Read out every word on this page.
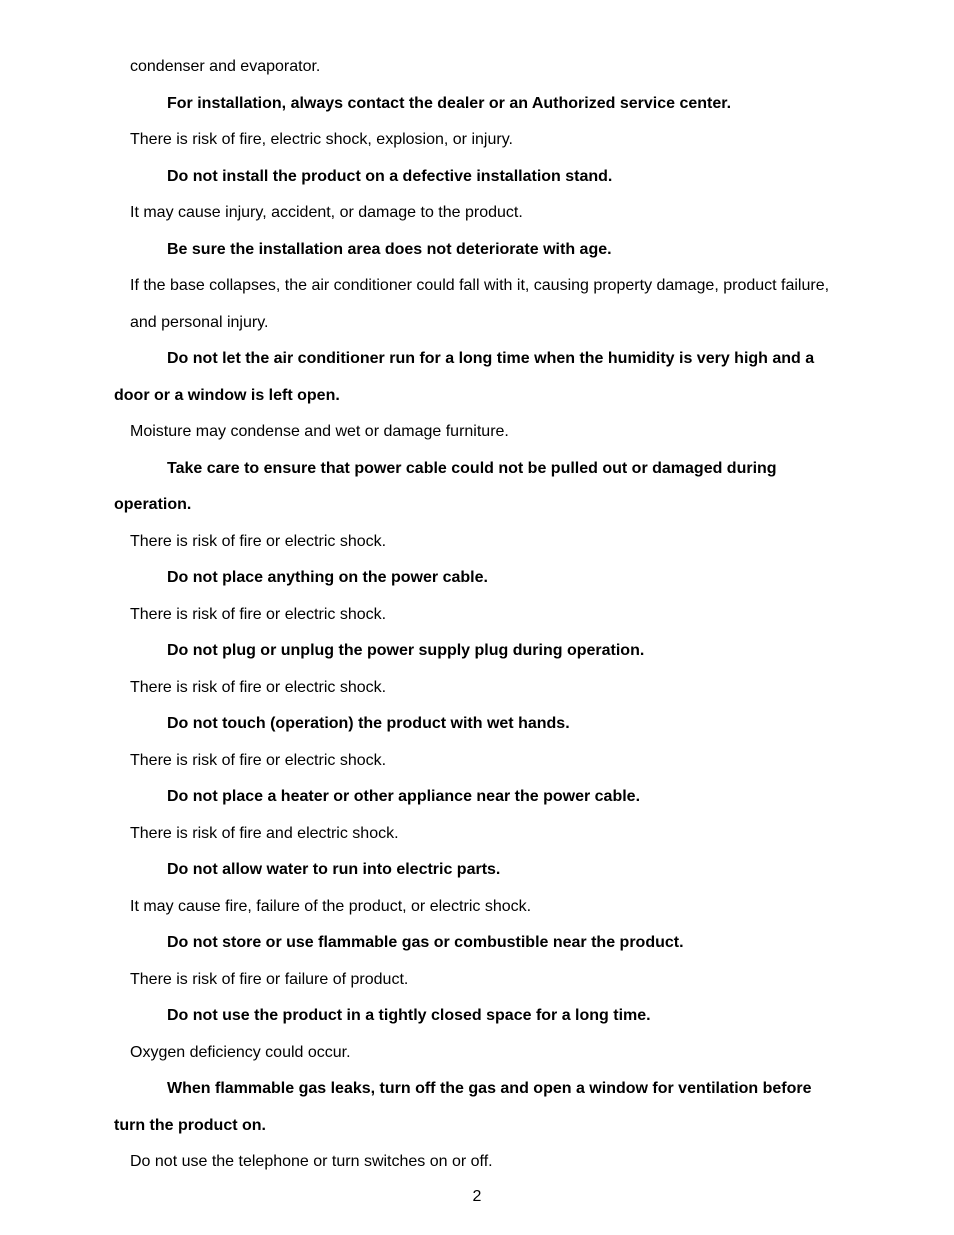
condenser and evaporator.
For installation, always contact the dealer or an Authorized service center.
There is risk of fire, electric shock, explosion, or injury.
Do not install the product on a defective installation stand.
It may cause injury, accident, or damage to the product.
Be sure the installation area does not deteriorate with age.
If the base collapses, the air conditioner could fall with it, causing property damage, product failure,
and personal injury.
Do not let the air conditioner run for a long time when the humidity is very high and a
door or a window is left open.
Moisture may condense and wet or damage furniture.
Take care to ensure that power cable could not be pulled out or damaged during
operation.
There is risk of fire or electric shock.
Do not place anything on the power cable.
There is risk of fire or electric shock.
Do not plug or unplug the power supply plug during operation.
There is risk of fire or electric shock.
Do not touch (operation) the product with wet hands.
There is risk of fire or electric shock.
Do not place a heater or other appliance near the power cable.
There is risk of fire and electric shock.
Do not allow water to run into electric parts.
It may cause fire, failure of the product, or electric shock.
Do not store or use flammable gas or combustible near the product.
There is risk of fire or failure of product.
Do not use the product in a tightly closed space for a long time.
Oxygen deficiency could occur.
When flammable gas leaks, turn off the gas and open a window for ventilation before
turn the product on.
Do not use the telephone or turn switches on or off.
2
